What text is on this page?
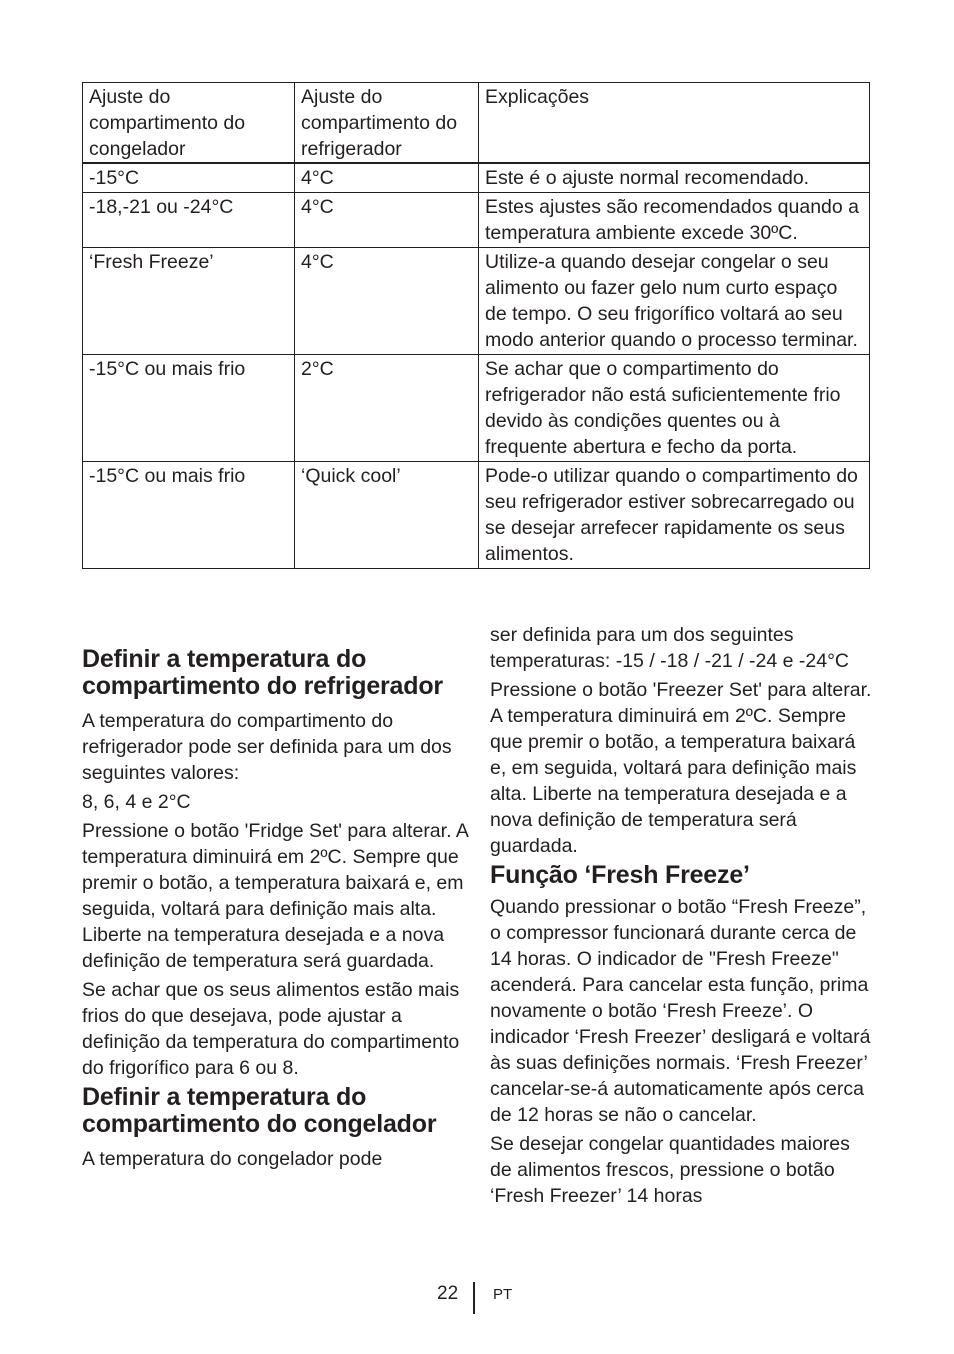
Ajuste do compartimento do congelador	Ajuste do compartimento do refrigerador	Explicações
-15°C	4°C	Este é o ajuste normal recomendado.
-18,-21 ou -24°C	4°C	Estes ajustes são recomendados quando a temperatura ambiente excede 30ºC.
‘Fresh Freeze’	4°C	Utilize-a quando desejar congelar o seu alimento ou fazer gelo num curto espaço de tempo. O seu frigorífico voltará ao seu modo anterior quando o processo terminar.
-15°C ou mais frio	2°C	Se achar que o compartimento do refrigerador não está suficientemente frio devido às condições quentes ou à frequente abertura e fecho da porta.
-15°C ou mais frio	‘Quick cool’	Pode-o utilizar quando o compartimento do seu refrigerador estiver sobrecarregado ou se desejar arrefecer rapidamente os seus alimentos.
Definir a temperatura do compartimento do refrigerador

A temperatura do compartimento do refrigerador pode ser definida para um dos seguintes valores:

8, 6, 4 e 2°C

Pressione o botão 'Fridge Set' para alterar. A temperatura diminuirá em 2ºC. Sempre que premir o botão, a temperatura baixará e, em seguida, voltará para definição mais alta. Liberte na temperatura desejada e a nova definição de temperatura será guardada.

Se achar que os seus alimentos estão mais frios do que desejava, pode ajustar a definição da temperatura do compartimento do frigorífico para 6 ou 8.

Definir a temperatura do compartimento do congelador

A temperatura do congelador pode

ser definida para um dos seguintes temperaturas: -15 / -18 / -21 / -24 e -24°C

Pressione o botão 'Freezer Set' para alterar. A temperatura diminuirá em 2ºC. Sempre que premir o botão, a temperatura baixará e, em seguida, voltará para definição mais alta. Liberte na temperatura desejada e a nova definição de temperatura será guardada.

Função ‘Fresh Freeze’

Quando pressionar o botão “Fresh Freeze”, o compressor funcionará durante cerca de 14 horas. O indicador de "Fresh Freeze" acenderá. Para cancelar esta função, prima novamente o botão ‘Fresh Freeze’. O indicador ‘Fresh Freezer’ desligará e voltará às suas definições normais. ‘Fresh Freezer’ cancelar-se-á automaticamente após cerca de 12 horas se não o cancelar.

Se desejar congelar quantidades maiores de alimentos frescos, pressione o botão ‘Fresh Freezer’ 14 horas

22 PT
